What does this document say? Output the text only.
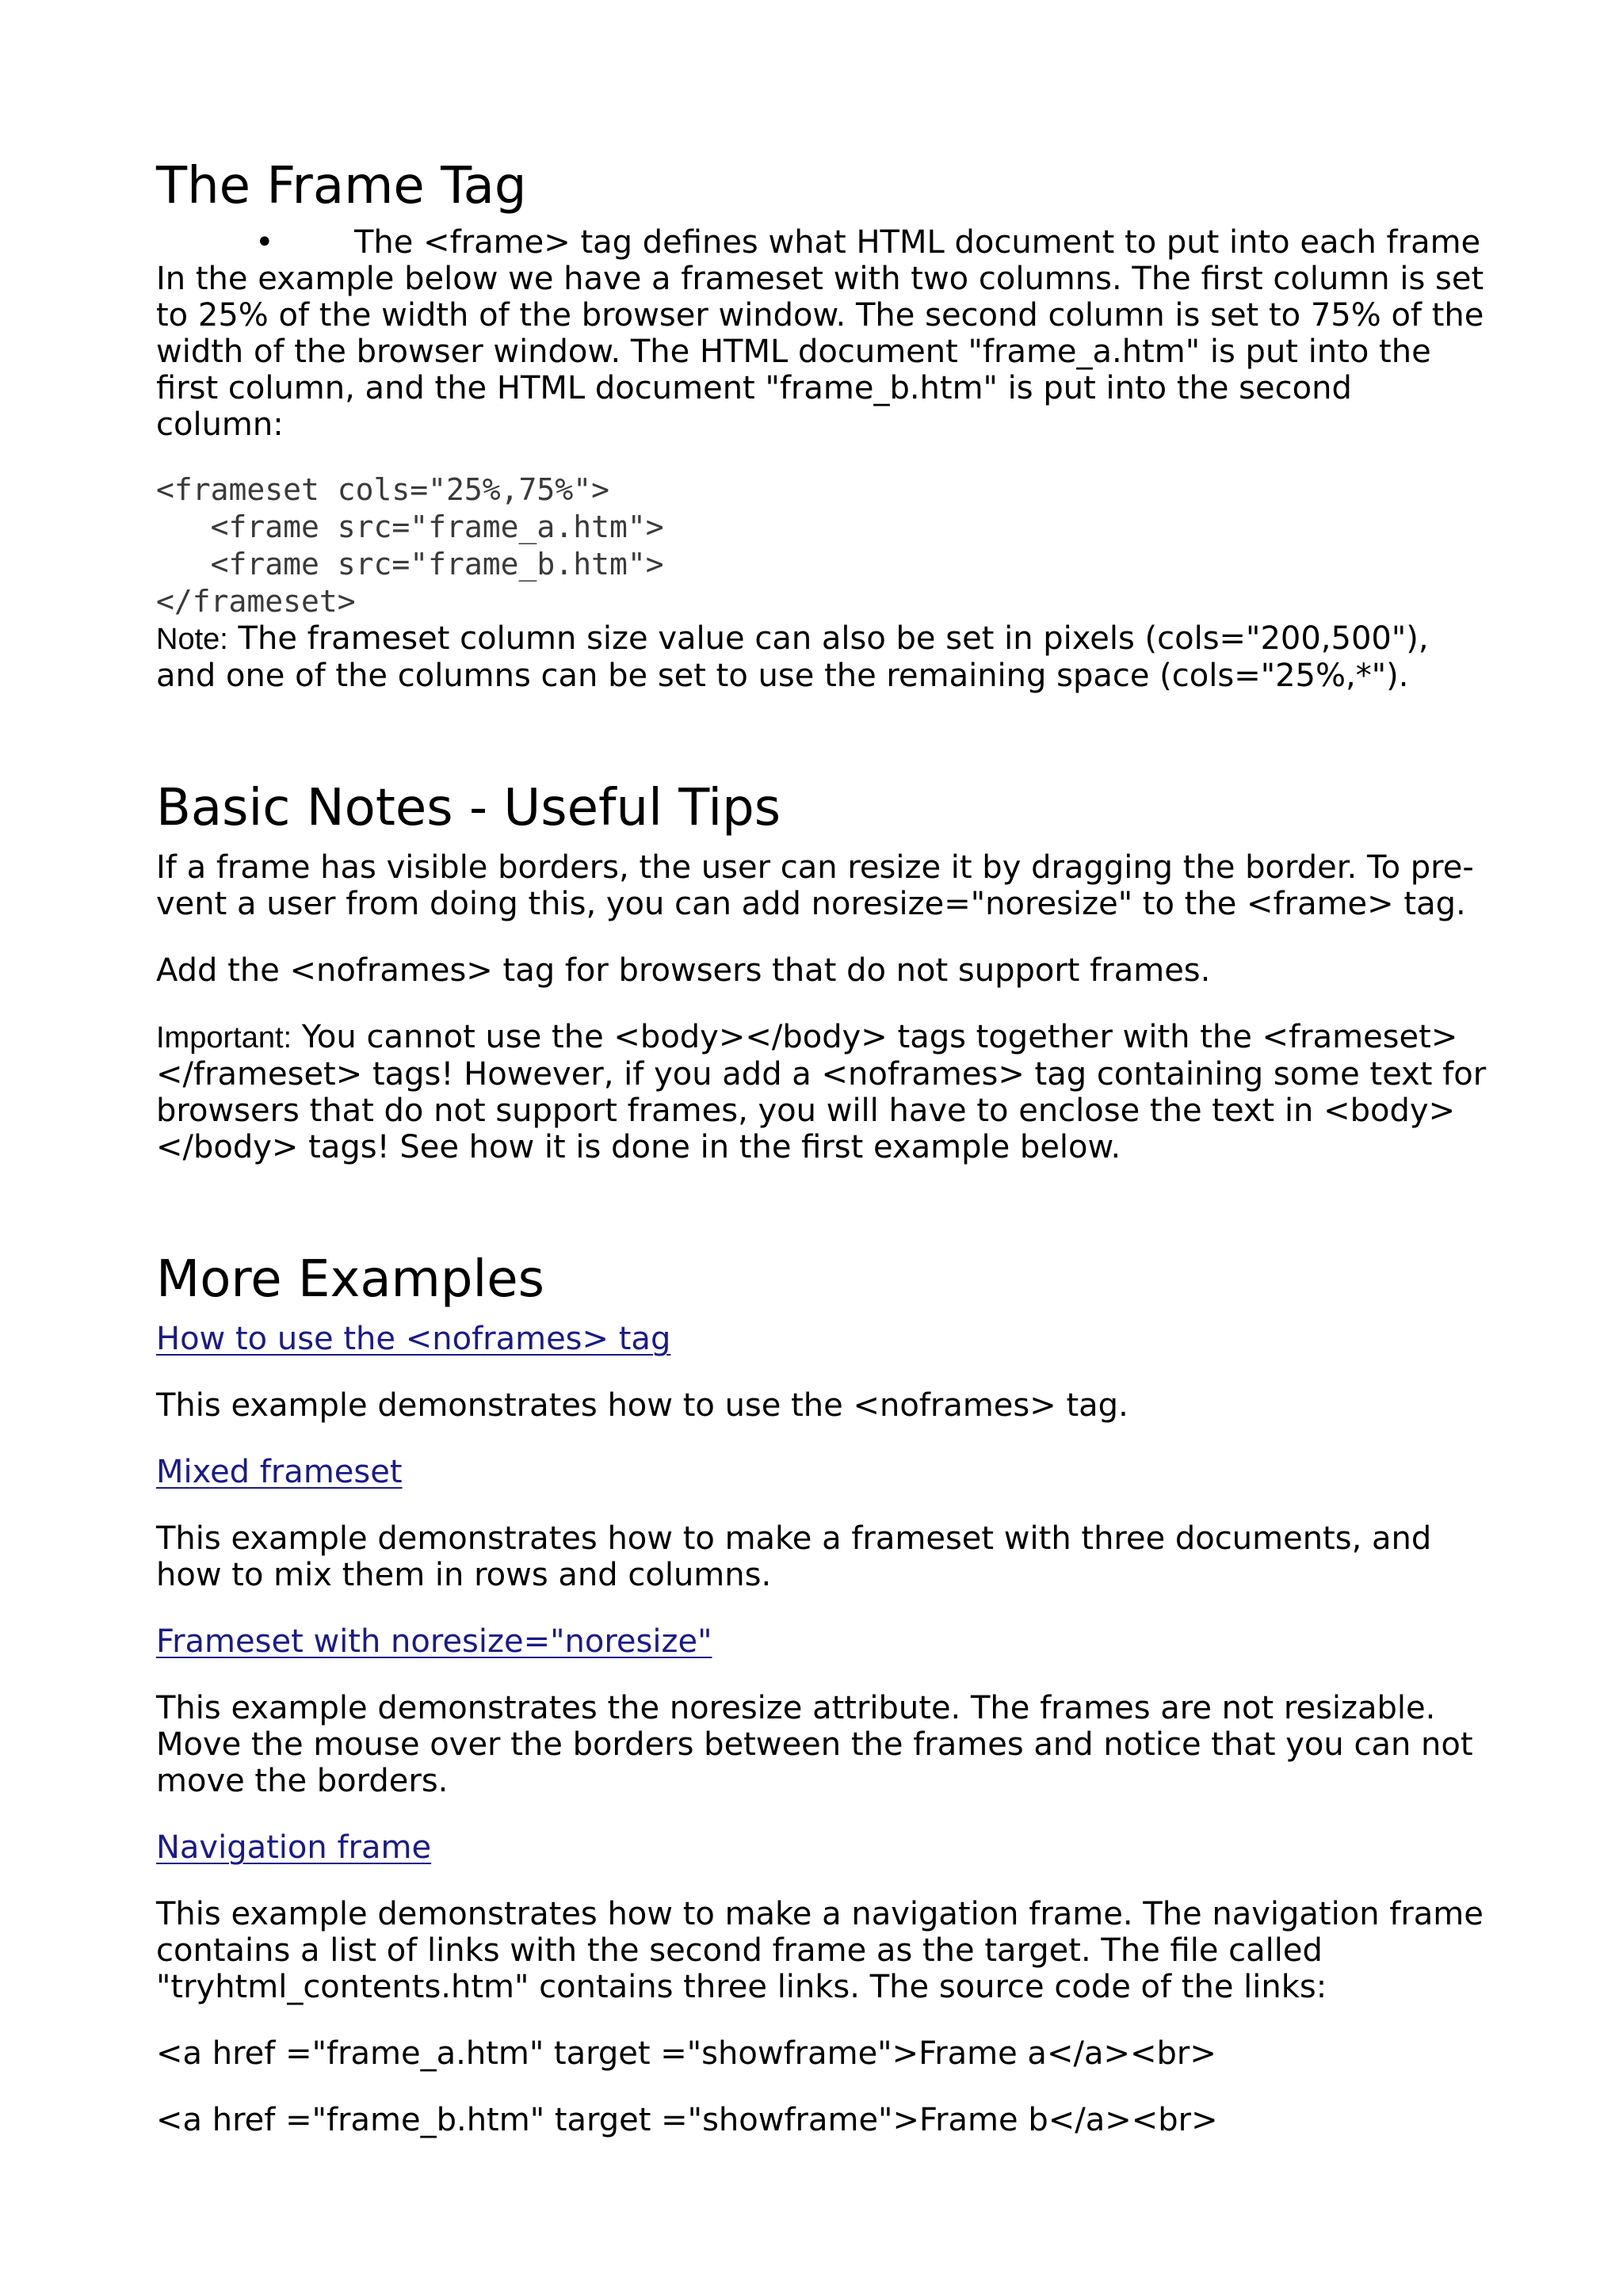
The Frame Tag

•	The <frame> tag defines what HTML document to put into each frame

In the example below we have a frameset with two columns. The first column is set to 25% of the width of the browser window. The second column is set to 75% of the width of the browser window. The HTML document "frame_a.htm" is put into the first column, and the HTML document "frame_b.htm" is put into the second column:

<frameset cols="25%,75%">
<frame src="frame_a.htm">
<frame src="frame_b.htm">
</frameset>

Note: The frameset column size value can also be set in pixels (cols="200,500"), and one of the columns can be set to use the remaining space (cols="25%,*").

Basic Notes - Useful Tips

If a frame has visible borders, the user can resize it by dragging the border. To pre-vent a user from doing this, you can add noresize="noresize" to the <frame> tag.

Add the <noframes> tag for browsers that do not support frames.

Important: You cannot use the <body></body> tags together with the <frameset></frameset> tags! However, if you add a <noframes> tag containing some text for browsers that do not support frames, you will have to enclose the text in <body></body> tags! See how it is done in the first example below.

More Examples

How to use the <noframes> tag

This example demonstrates how to use the <noframes> tag.

Mixed frameset

This example demonstrates how to make a frameset with three documents, and how to mix them in rows and columns.

Frameset with noresize="noresize"

This example demonstrates the noresize attribute. The frames are not resizable. Move the mouse over the borders between the frames and notice that you can not move the borders.

Navigation frame

This example demonstrates how to make a navigation frame. The navigation frame contains a list of links with the second frame as the target. The file called "tryhtml_contents.htm" contains three links. The source code of the links:

<a href ="frame_a.htm" target ="showframe">Frame a</a><br>

<a href ="frame_b.htm" target ="showframe">Frame b</a><br>
